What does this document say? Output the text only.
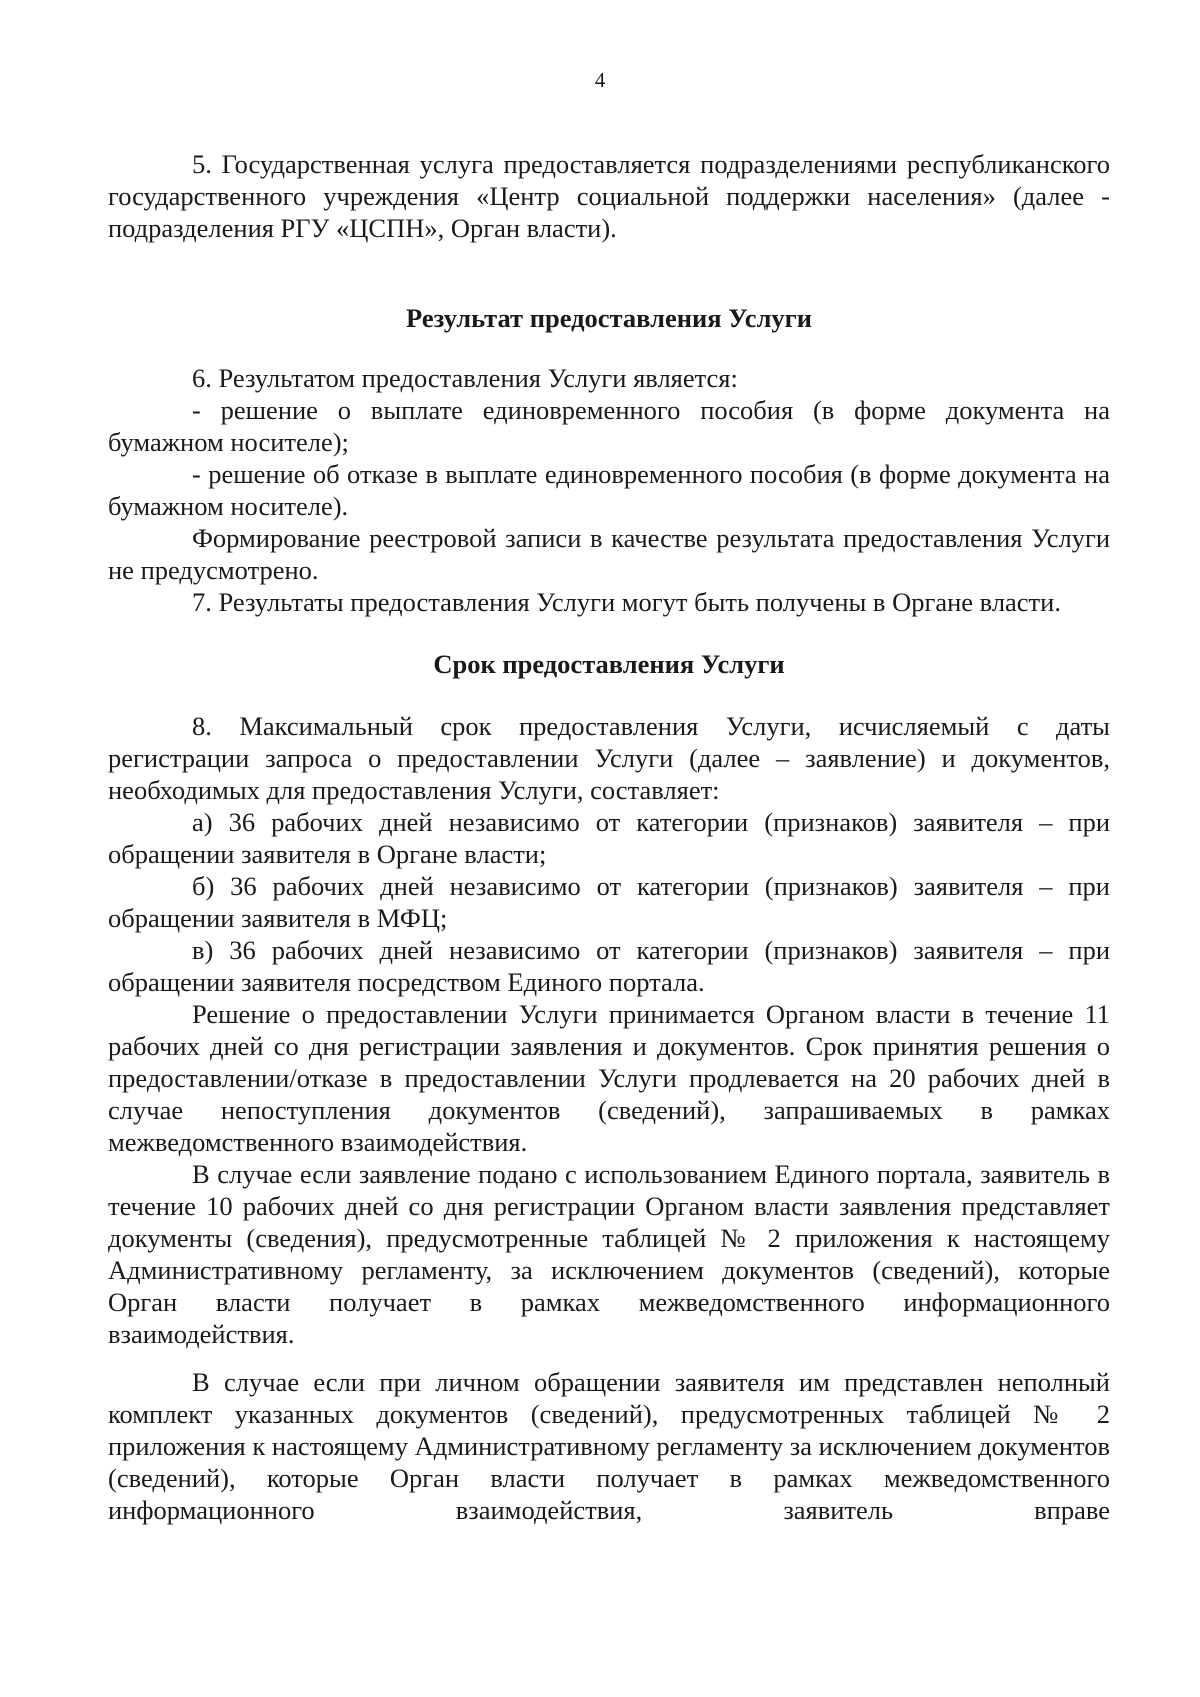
4

5. Государственная услуга предоставляется подразделениями республиканского государственного учреждения «Центр социальной поддержки населения» (далее - подразделения РГУ «ЦСПН», Орган власти).

Результат предоставления Услуги

6. Результатом предоставления Услуги является:

- решение о выплате единовременного пособия (в форме документа на бумажном носителе);

- решение об отказе в выплате единовременного пособия (в форме документа на бумажном носителе).

Формирование реестровой записи в качестве результата предоставления Услуги не предусмотрено.

7. Результаты предоставления Услуги могут быть получены в Органе власти.

Срок предоставления Услуги

8. Максимальный срок предоставления Услуги, исчисляемый с даты регистрации запроса о предоставлении Услуги (далее – заявление) и документов, необходимых для предоставления Услуги, составляет:

а) 36 рабочих дней независимо от категории (признаков) заявителя – при обращении заявителя в Органе власти;

б) 36 рабочих дней независимо от категории (признаков) заявителя – при обращении заявителя в МФЦ;

в) 36 рабочих дней независимо от категории (признаков) заявителя – при обращении заявителя посредством Единого портала.

Решение о предоставлении Услуги принимается Органом власти в течение 11 рабочих дней со дня регистрации заявления и документов. Срок принятия решения о предоставлении/отказе в предоставлении Услуги продлевается на 20 рабочих дней в случае непоступления документов (сведений), запрашиваемых в рамках межведомственного взаимодействия.

В случае если заявление подано с использованием Единого портала, заявитель в течение 10 рабочих дней со дня регистрации Органом власти заявления представляет документы (сведения), предусмотренные таблицей № 2 приложения к настоящему Административному регламенту, за исключением документов (сведений), которые Орган власти получает в рамках межведомственного информационного взаимодействия.

В случае если при личном обращении заявителя им представлен неполный комплект указанных документов (сведений), предусмотренных таблицей № 2 приложения к настоящему Административному регламенту за исключением документов (сведений), которые Орган власти получает в рамках межведомственного информационного взаимодействия, заявитель вправе
